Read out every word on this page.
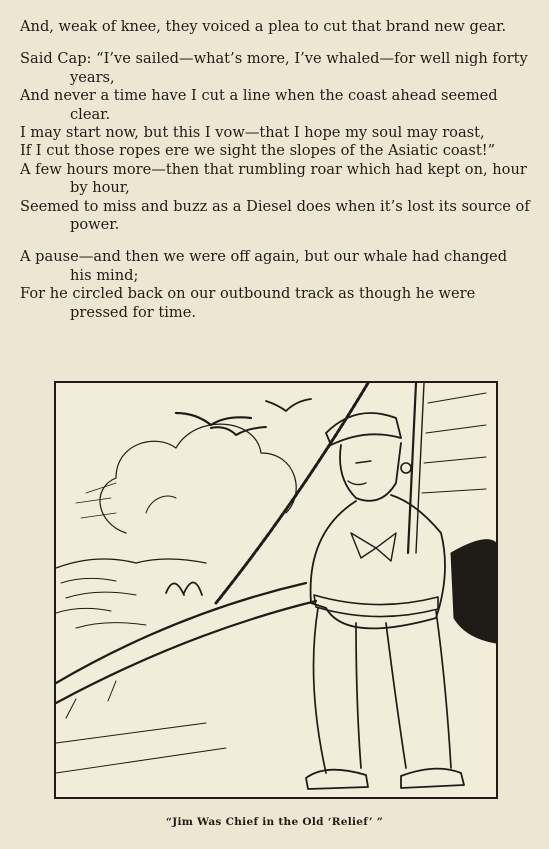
And, weak of knee, they voiced a plea to cut that brand new gear.
Said Cap: “I’ve sailed—what’s more, I’ve whaled—for well nigh forty years,
And never a time have I cut a line when the coast ahead seemed clear.
I may start now, but this I vow—that I hope my soul may roast,
If I cut those ropes ere we sight the slopes of the Asiatic coast!”
A few hours more—then that rumbling roar which had kept on, hour by hour,
Seemed to miss and buzz as a Diesel does when it’s lost its source of power.
A pause—and then we were off again, but our whale had changed his mind;
For he circled back on our outbound track as though he were pressed for time.
“Jim Was Chief in the Old ‘Relief’ ”
